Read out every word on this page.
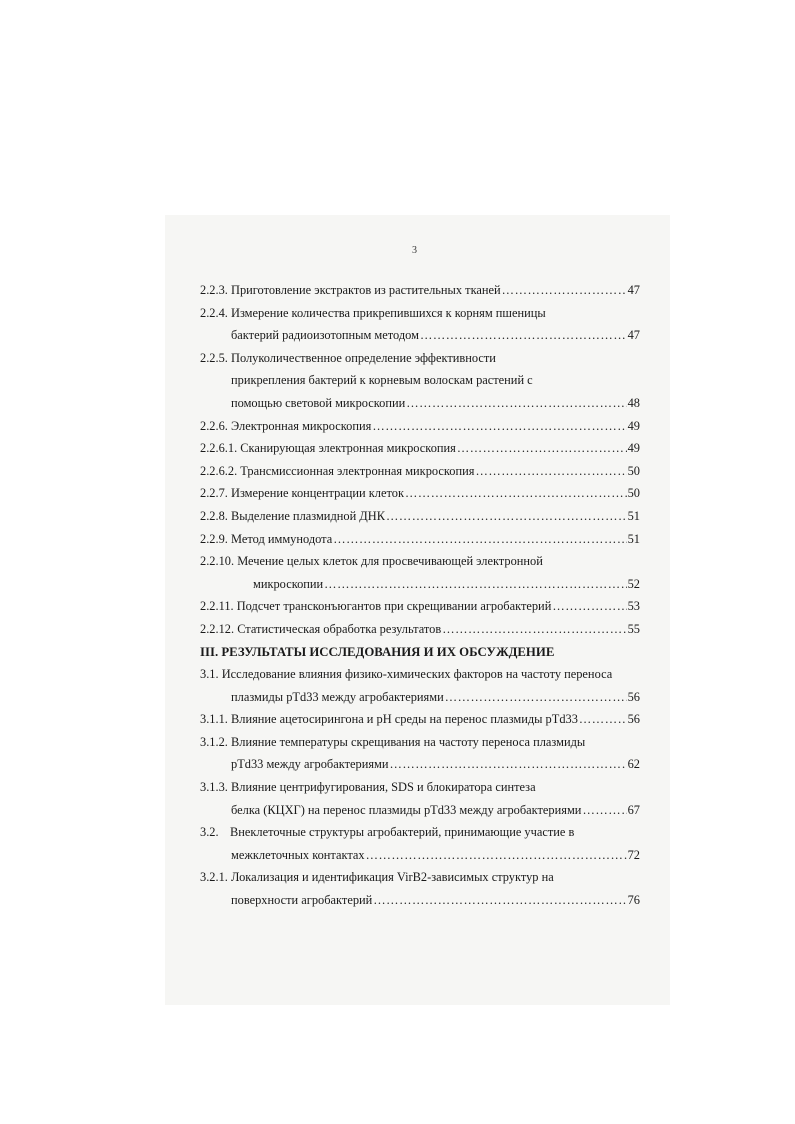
3
2.2.3.
Приготовление экстрактов из растительных тканей ……………………………………………………………………………………………………………………………………	47
2.2.4.
Измерение количества прикрепившихся к корням пшеницы
бактерий радиоизотопным методом ……………………………………………………………………………………………………………………………………	47
2.2.5.
Полуколичественное определение эффективности
прикрепления бактерий к корневым волоскам растений с
помощью световой микроскопии ……………………………………………………………………………………………………………………………………	48
2.2.6.
Электронная микроскопия ……………………………………………………………………………………………………………………………………	49
2.2.6.1.
Сканирующая электронная микроскопия ……………………………………………………………………………………………………………………………………	49
2.2.6.2.
Трансмиссионная электронная микроскопия ……………………………………………………………………………………………………………………………………	50
2.2.7.
Измерение концентрации клеток ……………………………………………………………………………………………………………………………………	50
2.2.8.
Выделение плазмидной ДНК ……………………………………………………………………………………………………………………………………	51
2.2.9.
Метод иммунодота ……………………………………………………………………………………………………………………………………	51
2.2.10.
Мечение целых клеток для просвечивающей электронной
микроскопии ……………………………………………………………………………………………………………………………………	52
2.2.11.
Подсчет трансконъюгантов при скрещивании агробактерий ……………………………………………………………………………………………………………………………………	53
2.2.12.
Статистическая обработка результатов ……………………………………………………………………………………………………………………………………	55
III. РЕЗУЛЬТАТЫ ИССЛЕДОВАНИЯ И ИХ ОБСУЖДЕНИЕ
3.1.
Исследование влияния физико-химических факторов на частоту переноса
плазмиды pTd33 между агробактериями ……………………………………………………………………………………………………………………………………	56
3.1.1.
Влияние ацетосирингона и pH среды на перенос плазмиды pTd33 ……………………………………………………………………………………………………………………………………	56
3.1.2.
Влияние температуры скрещивания на частоту переноса плазмиды
pTd33 между агробактериями ……………………………………………………………………………………………………………………………………	62
3.1.3.
Влияние центрифугирования, SDS и блокиратора синтеза
белка (КЦХГ) на перенос плазмиды pTd33 между агробактериями ……………………………………………………………………………………………………………………………………	67
3.2. Внеклеточные структуры агробактерий, принимающие участие в
межклеточных контактах ……………………………………………………………………………………………………………………………………	72
3.2.1.
Локализация и идентификация VirB2-зависимых структур на
поверхности агробактерий ……………………………………………………………………………………………………………………………………	76
